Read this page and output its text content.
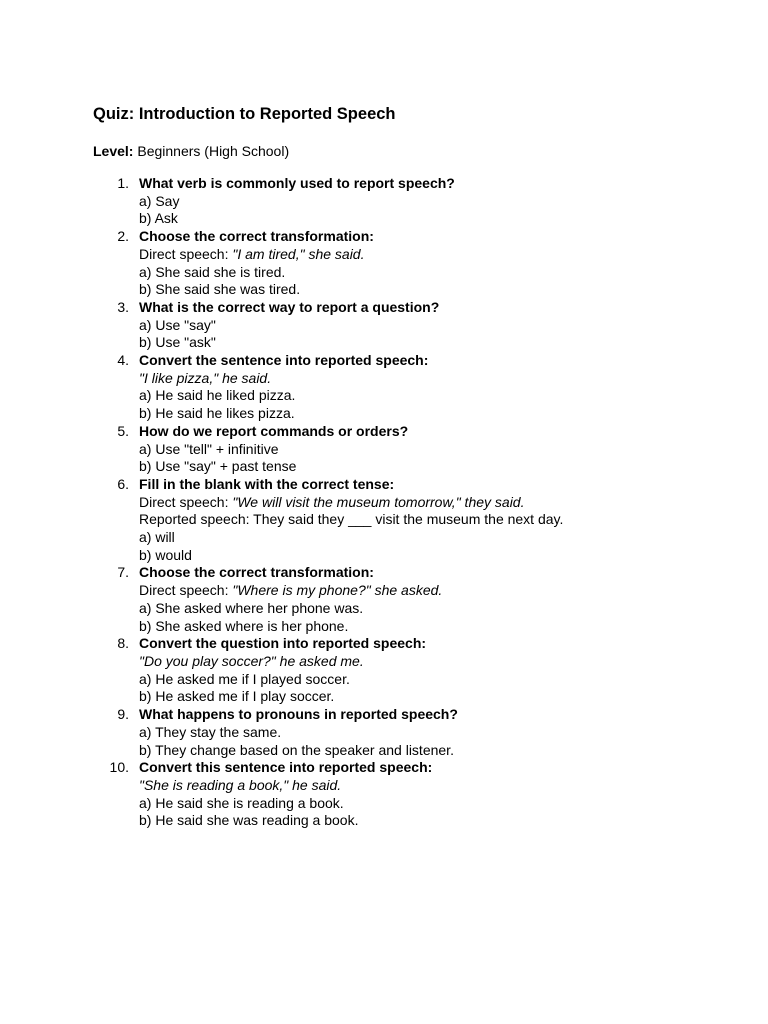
Quiz: Introduction to Reported Speech

Level: Beginners (High School)

1. What verb is commonly used to report speech?
a) Say
b) Ask
2. Choose the correct transformation:
Direct speech: "I am tired," she said.
a) She said she is tired.
b) She said she was tired.
3. What is the correct way to report a question?
a) Use "say"
b) Use "ask"
4. Convert the sentence into reported speech:
"I like pizza," he said.
a) He said he liked pizza.
b) He said he likes pizza.
5. How do we report commands or orders?
a) Use "tell" + infinitive
b) Use "say" + past tense
6. Fill in the blank with the correct tense:
Direct speech: "We will visit the museum tomorrow," they said.
Reported speech: They said they ___ visit the museum the next day.
a) will
b) would
7. Choose the correct transformation:
Direct speech: "Where is my phone?" she asked.
a) She asked where her phone was.
b) She asked where is her phone.
8. Convert the question into reported speech:
"Do you play soccer?" he asked me.
a) He asked me if I played soccer.
b) He asked me if I play soccer.
9. What happens to pronouns in reported speech?
a) They stay the same.
b) They change based on the speaker and listener.
10. Convert this sentence into reported speech:
"She is reading a book," he said.
a) He said she is reading a book.
b) He said she was reading a book.
